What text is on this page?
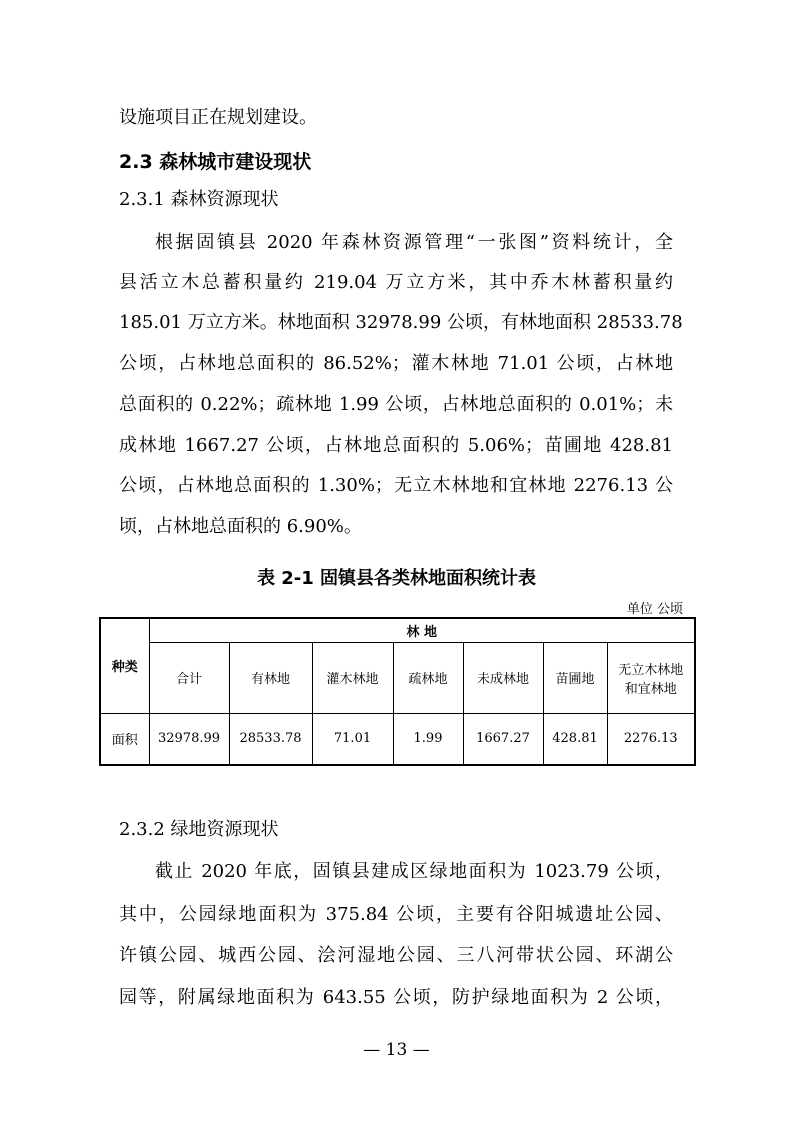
设施项目正在规划建设。
2.3 森林城市建设现状
2.3.1 森林资源现状
根据固镇县 2020 年森林资源管理“一张图”资料统计，全
县活立木总蓄积量约 219.04 万立方米，其中乔木林蓄积量约
185.01 万立方米。林地面积 32978.99 公顷，有林地面积 28533.78
公顷，占林地总面积的 86.52%；灌木林地 71.01 公顷，占林地
总面积的 0.22%；疏林地 1.99 公顷，占林地总面积的 0.01%；未
成林地 1667.27 公顷，占林地总面积的 5.06%；苗圃地 428.81
公顷，占林地总面积的 1.30%；无立木林地和宜林地 2276.13 公
顷，占林地总面积的 6.90%。
表 2-1 固镇县各类林地面积统计表
单位 公顷
种类	林 地						
	合计	有林地	灌木林地	疏林地	未成林地	苗圃地	无立木林地
和宜林地

面积	32978.99	28533.78	71.01	1.99	1667.27	428.81	2276.13
2.3.2 绿地资源现状
截止 2020 年底，固镇县建成区绿地面积为 1023.79 公顷，
其中，公园绿地面积为 375.84 公顷，主要有谷阳城遗址公园、
许镇公园、城西公园、浍河湿地公园、三八河带状公园、环湖公
园等，附属绿地面积为 643.55 公顷，防护绿地面积为 2 公顷，
— 13 —
